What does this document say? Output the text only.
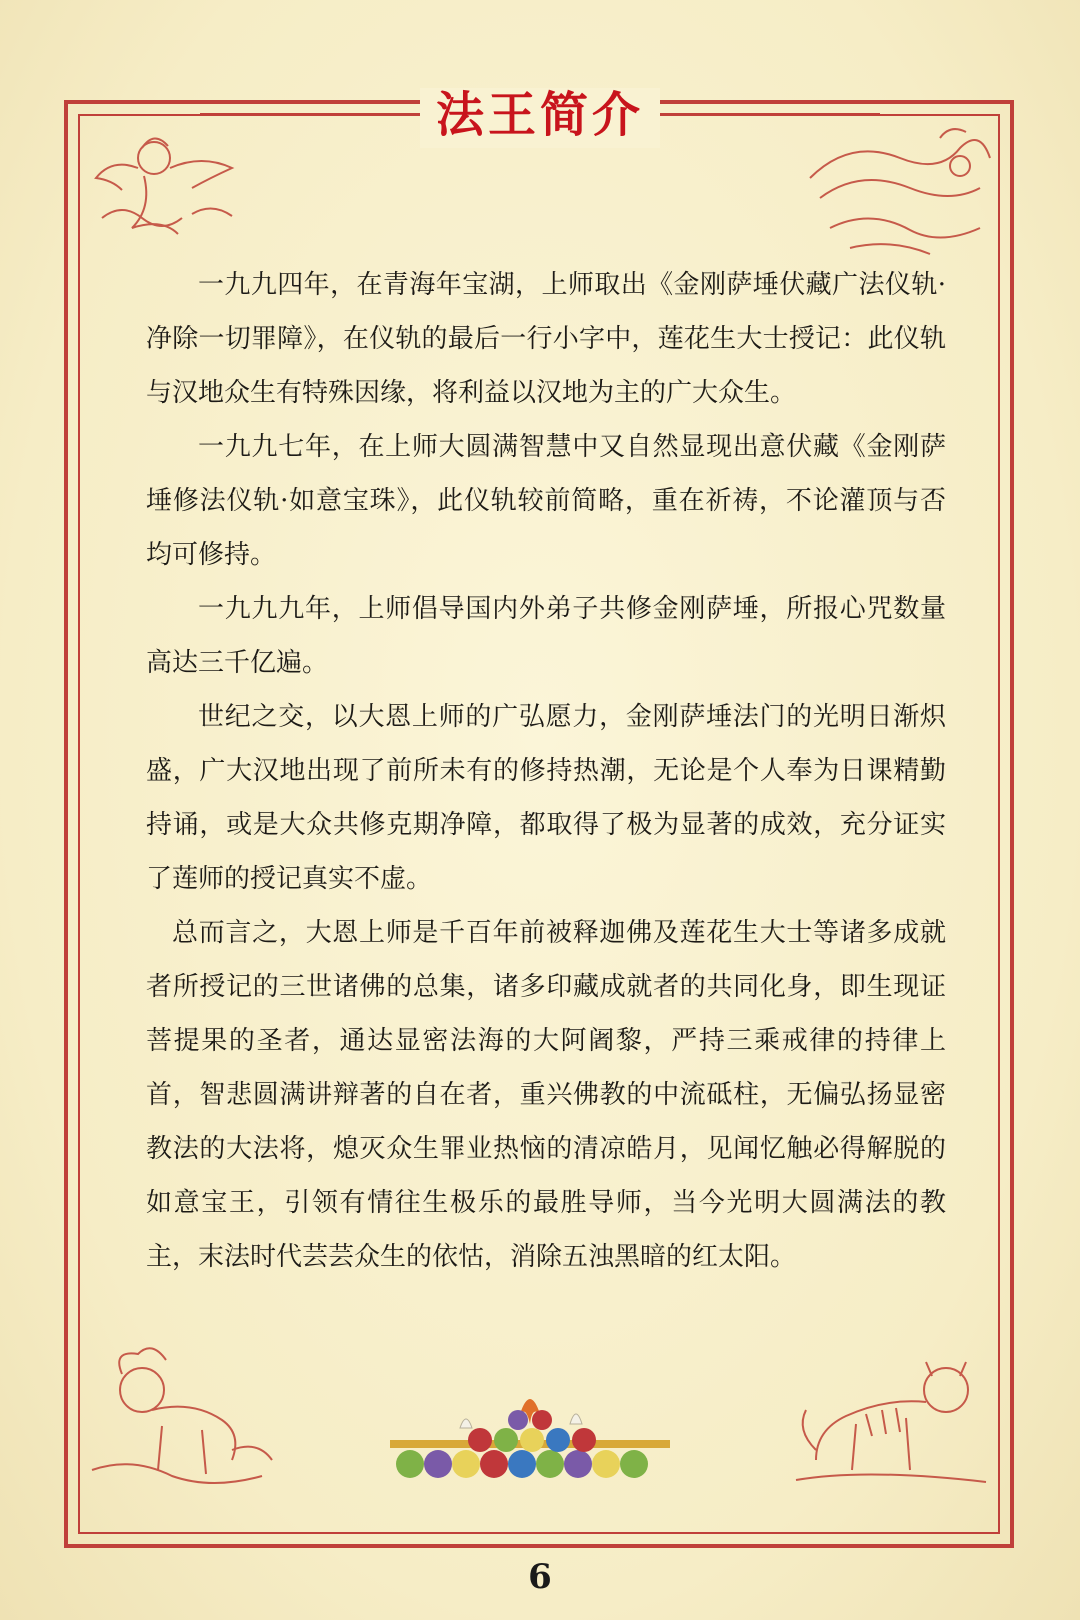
法王简介

一九九四年，在青海年宝湖，上师取出《金刚萨埵伏藏广法仪轨·净除一切罪障》，在仪轨的最后一行小字中，莲花生大士授记：此仪轨与汉地众生有特殊因缘，将利益以汉地为主的广大众生。

一九九七年，在上师大圆满智慧中又自然显现出意伏藏《金刚萨埵修法仪轨·如意宝珠》，此仪轨较前简略，重在祈祷，不论灌顶与否均可修持。

一九九九年，上师倡导国内外弟子共修金刚萨埵，所报心咒数量高达三千亿遍。

世纪之交，以大恩上师的广弘愿力，金刚萨埵法门的光明日渐炽盛，广大汉地出现了前所未有的修持热潮，无论是个人奉为日课精勤持诵，或是大众共修克期净障，都取得了极为显著的成效，充分证实了莲师的授记真实不虚。

总而言之，大恩上师是千百年前被释迦佛及莲花生大士等诸多成就者所授记的三世诸佛的总集，诸多印藏成就者的共同化身，即生现证菩提果的圣者，通达显密法海的大阿阇黎，严持三乘戒律的持律上首，智悲圆满讲辩著的自在者，重兴佛教的中流砥柱，无偏弘扬显密教法的大法将，熄灭众生罪业热恼的清凉皓月，见闻忆触必得解脱的如意宝王，引领有情往生极乐的最胜导师，当今光明大圆满法的教主，末法时代芸芸众生的依怙，消除五浊黑暗的红太阳。

6
